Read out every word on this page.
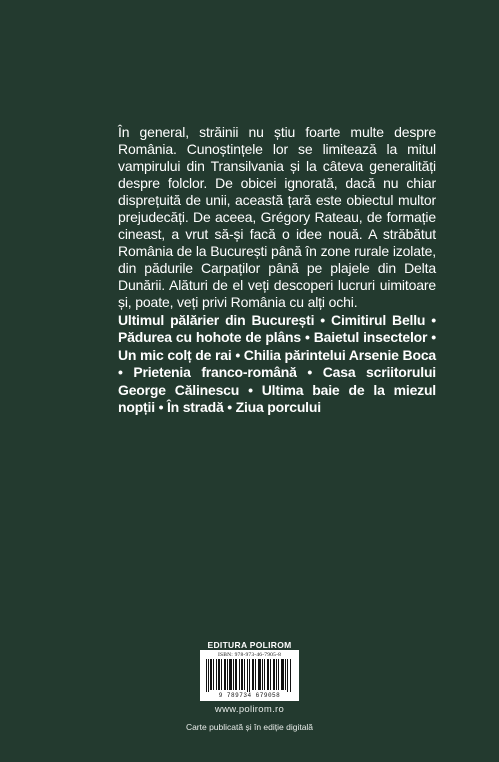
În general, străinii nu știu foarte multe despre România. Cunoștințele lor se limitează la mitul vampirului din Transilvania și la câteva generalități despre folclor. De obicei ignorată, dacă nu chiar disprețuită de unii, această țară este obiectul multor prejudecăți. De aceea, Grégory Rateau, de formație cineast, a vrut să-și facă o idee nouă. A străbătut România de la București până în zone rurale izolate, din pădurile Carpaților până pe plajele din Delta Dunării. Alături de el veți descoperi lucruri uimitoare și, poate, veți privi România cu alți ochi.

Ultimul pălărier din București • Cimitirul Bellu • Pădurea cu hohote de plâns • Baietul insectelor • Un mic colț de rai • Chilia părintelui Arsenie Boca • Prietenia franco-română • Casa scriitorului George Călinescu • Ultima baie de la miezul nopții • În stradă • Ziua porcului

EDITURA POLIROM
ISBN: 978-973-46-7905-8
9 789734 679058
www.polirom.ro
Carte publicată și în ediție digitală
